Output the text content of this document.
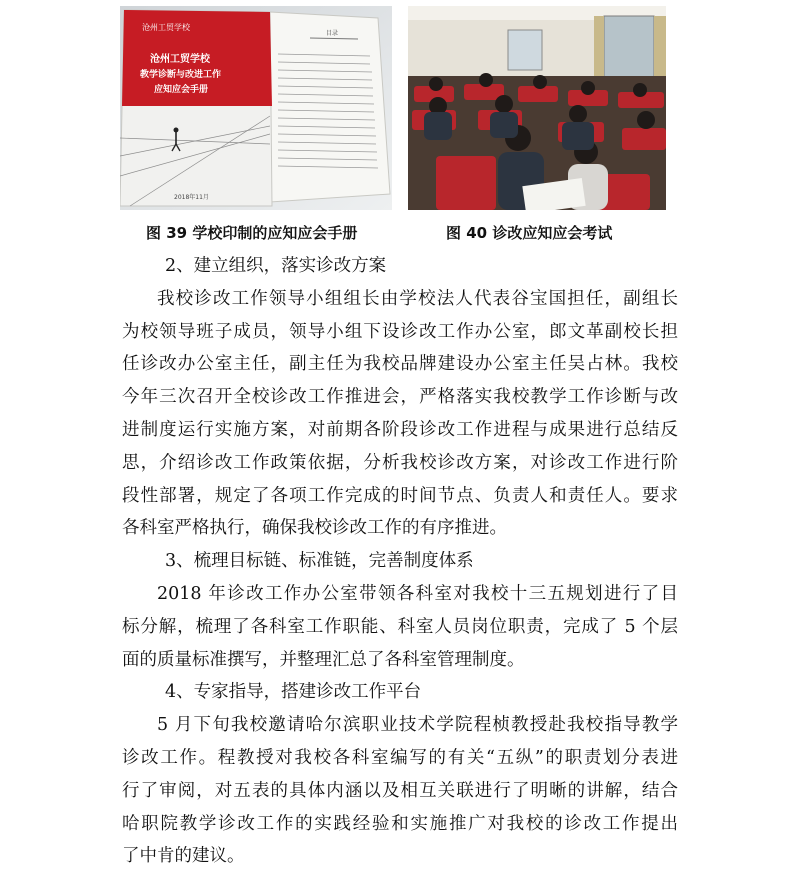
目录
沧州工贸学校
沧州工贸学校
教学诊断与改进工作
应知应会手册
2018年11月
图 39 学校印制的应知应会手册	图 40 诊改应知应会考试
2、建立组织，落实诊改方案
我校诊改工作领导小组组长由学校法人代表谷宝国担任，副组长
为校领导班子成员，领导小组下设诊改工作办公室，郎文革副校长担
任诊改办公室主任，副主任为我校品牌建设办公室主任吴占林。我校
今年三次召开全校诊改工作推进会，严格落实我校教学工作诊断与改
进制度运行实施方案，对前期各阶段诊改工作进程与成果进行总结反
思，介绍诊改工作政策依据，分析我校诊改方案，对诊改工作进行阶
段性部署，规定了各项工作完成的时间节点、负责人和责任人。要求
各科室严格执行，确保我校诊改工作的有序推进。
3、梳理目标链、标准链，完善制度体系
2018 年诊改工作办公室带领各科室对我校十三五规划进行了目
标分解，梳理了各科室工作职能、科室人员岗位职责，完成了 5 个层
面的质量标准撰写，并整理汇总了各科室管理制度。
4、专家指导，搭建诊改工作平台
5 月下旬我校邀请哈尔滨职业技术学院程桢教授赴我校指导教学
诊改工作。程教授对我校各科室编写的有关“五纵”的职责划分表进
行了审阅，对五表的具体内涵以及相互关联进行了明晰的讲解，结合
哈职院教学诊改工作的实践经验和实施推广对我校的诊改工作提出
了中肯的建议。
